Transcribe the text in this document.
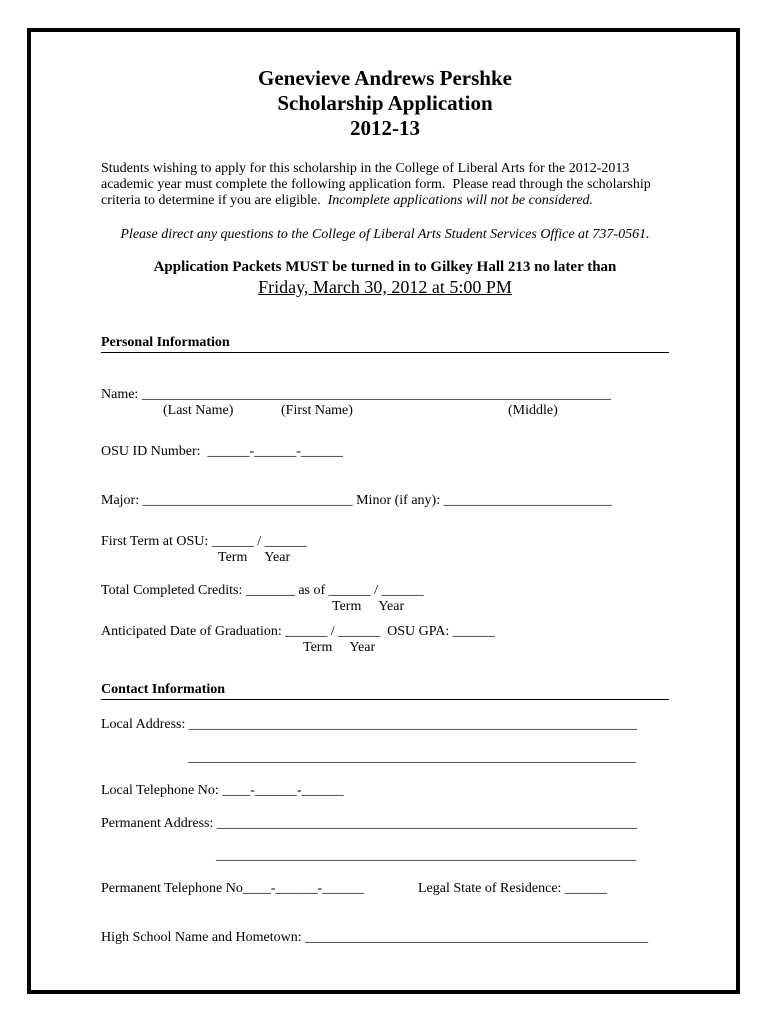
Genevieve Andrews Pershke
Scholarship Application
2012-13
Students wishing to apply for this scholarship in the College of Liberal Arts for the 2012-2013
academic year must complete the following application form.  Please read through the scholarship
criteria to determine if you are eligible.  Incomplete applications will not be considered.
Please direct any questions to the College of Liberal Arts Student Services Office at 737-0561.
Application Packets MUST be turned in to Gilkey Hall 213 no later than
Friday, March 30, 2012 at 5:00 PM
Personal Information
Name: ___________________________________________________________________
(Last Name)	(First Name)	(Middle)
OSU ID Number:  ______-______-______
Major: ______________________________ Minor (if any): ________________________
First Term at OSU: ______ / ______
Term     Year
Total Completed Credits: _______ as of ______ / ______
Term     Year
Anticipated Date of Graduation: ______ / ______  OSU GPA: ______
Term     Year
Contact Information
Local Address: ________________________________________________________________
________________________________________________________________
Local Telephone No: ____-______-______
Permanent Address: ____________________________________________________________
____________________________________________________________
Permanent Telephone No____-______-______	Legal State of Residence: ______
High School Name and Hometown: _________________________________________________
